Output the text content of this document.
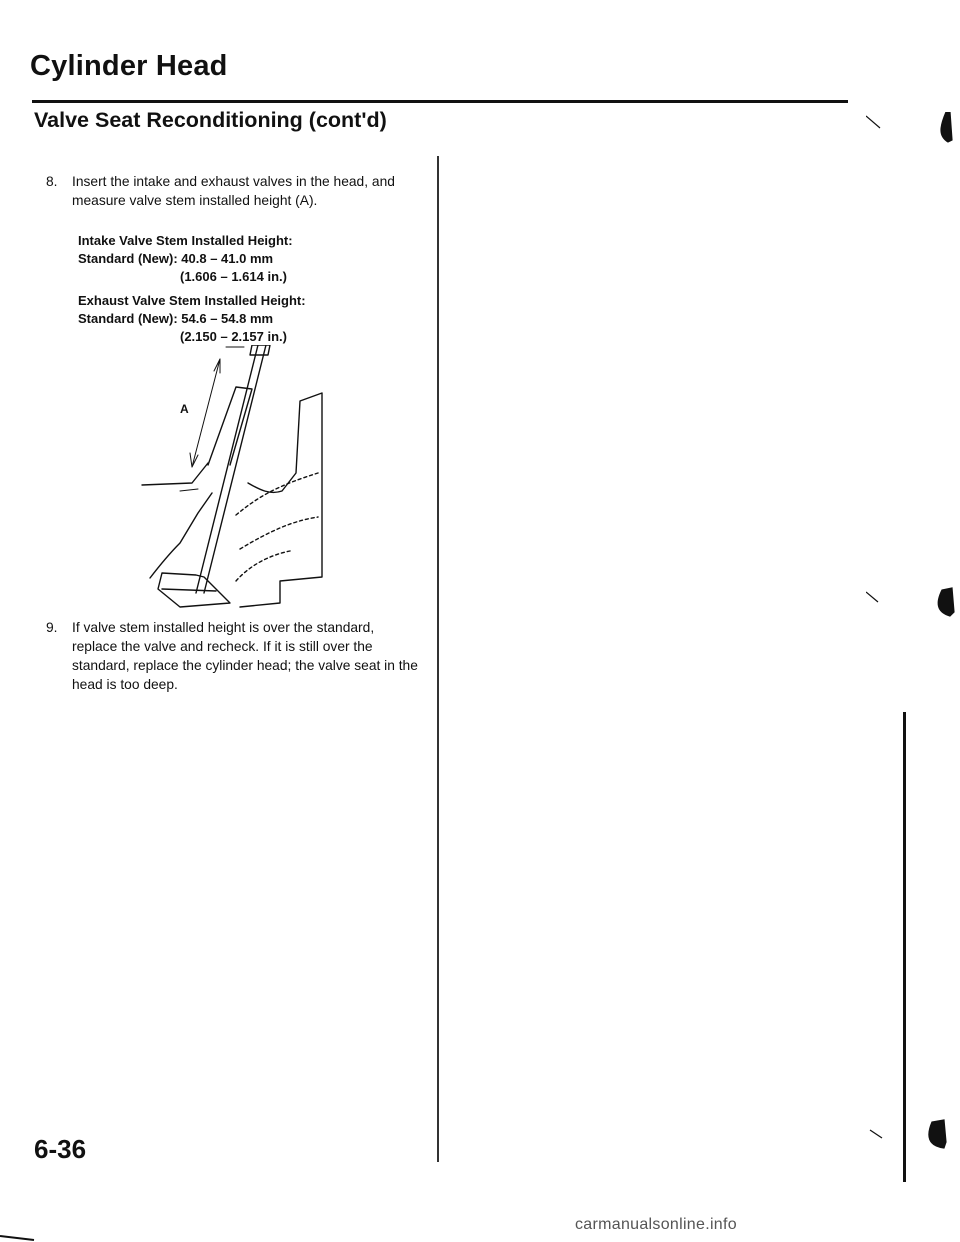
Cylinder Head
Valve Seat Reconditioning (cont'd)
8. Insert the intake and exhaust valves in the head, and measure valve stem installed height (A).
Intake Valve Stem Installed Height:
Standard (New): 40.8 – 41.0 mm
(1.606 – 1.614 in.)
Exhaust Valve Stem Installed Height:
Standard (New): 54.6 – 54.8 mm
(2.150 – 2.157 in.)
A
9. If valve stem installed height is over the standard, replace the valve and recheck. If it is still over the standard, replace the cylinder head; the valve seat in the head is too deep.
6-36
carmanualsonline.info
